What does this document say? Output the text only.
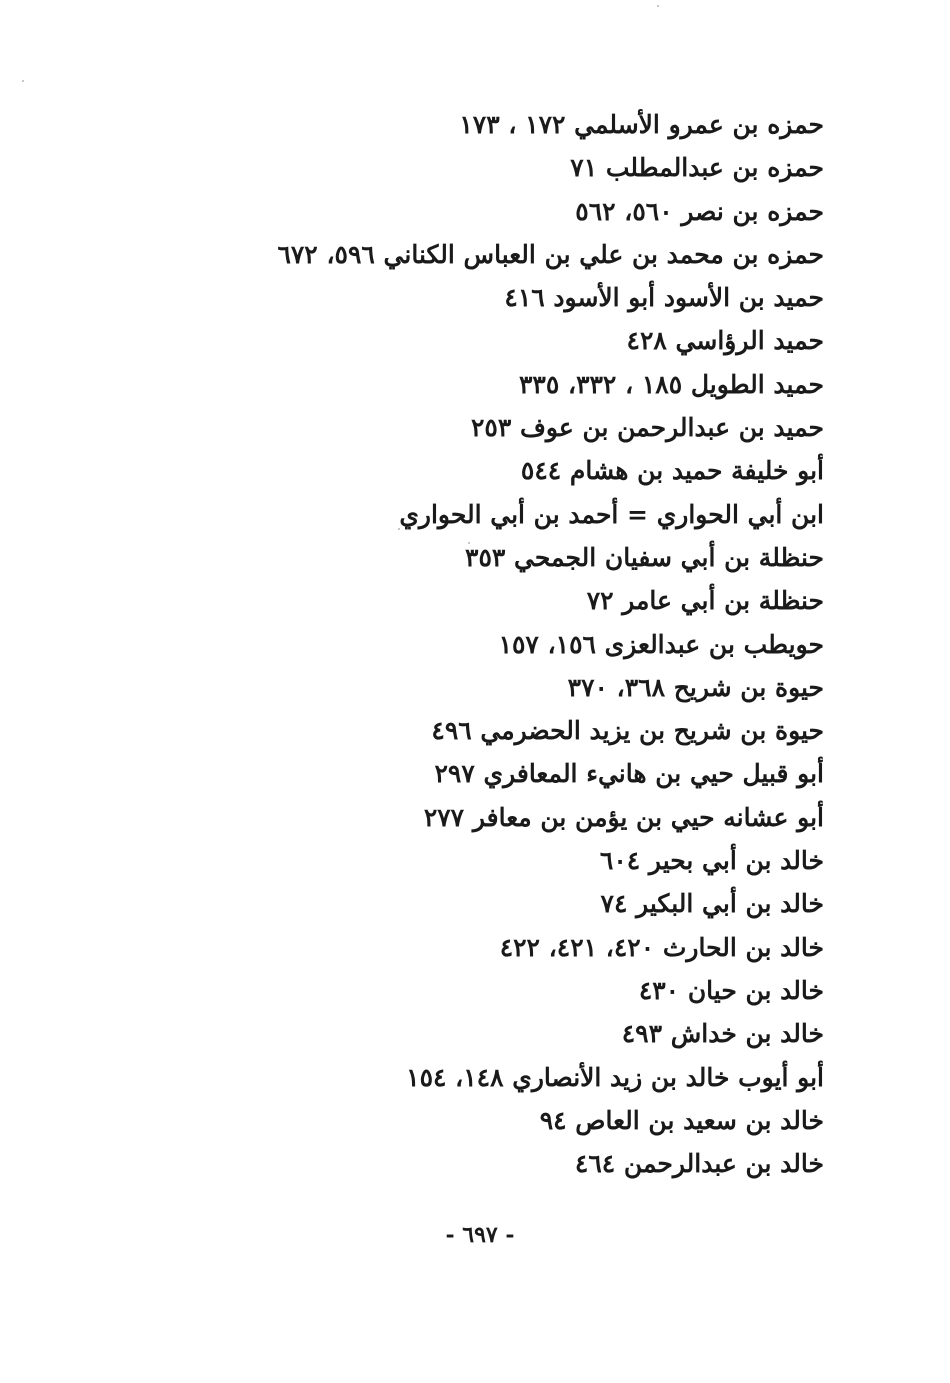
حمزه بن عمرو الأسلمي ١٧٢ ، ١٧٣
حمزه بن عبدالمطلب ٧١
حمزه بن نصر ٥٦٠، ٥٦٢
حمزه بن محمد بن علي بن العباس الكناني ٥٩٦، ٦٧٢
حميد بن الأسود أبو الأسود ٤١٦
حميد الرؤاسي ٤٢٨
حميد الطويل ١٨٥ ، ٣٣٢، ٣٣٥
حميد بن عبدالرحمن بن عوف ٢٥٣
أبو خليفة حميد بن هشام ٥٤٤
ابن أبي الحواري = أحمد بن أبي الحواري
حنظلة بن أبي سفيان الجمحي ٣٥٣
حنظلة بن أبي عامر ٧٢
حويطب بن عبدالعزى ١٥٦، ١٥٧
حيوة بن شريح ٣٦٨، ٣٧٠
حيوة بن شريح بن يزيد الحضرمي ٤٩٦
أبو قبيل حيي بن هانيء المعافري ٢٩٧
أبو عشانه حيي بن يؤمن بن معافر ٢٧٧
خالد بن أبي بحير ٦٠٤
خالد بن أبي البكير ٧٤
خالد بن الحارث ٤٢٠، ٤٢١، ٤٢٢
خالد بن حيان ٤٣٠
خالد بن خداش ٤٩٣
أبو أيوب خالد بن زيد الأنصاري ١٤٨، ١٥٤
خالد بن سعيد بن العاص ٩٤
خالد بن عبدالرحمن ٤٦٤
- ٦٩٧ -
